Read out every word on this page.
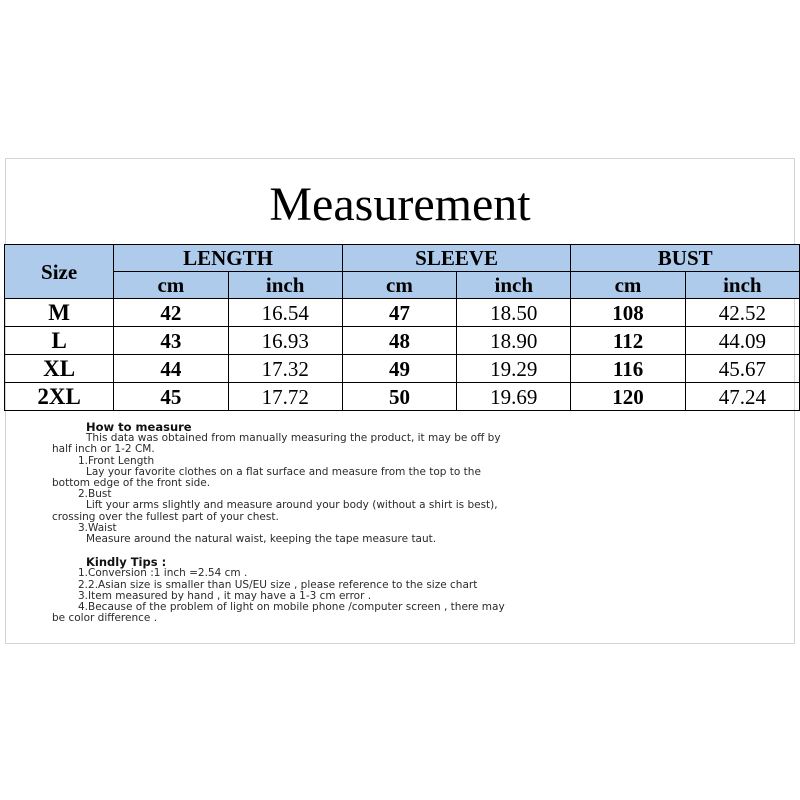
Measurement
Size	LENGTH		SLEEVE		BUST	
	cm	inch	cm	inch	cm	inch
M	42	16.54	47	18.50	108	42.52
L	43	16.93	48	18.90	112	44.09
XL	44	17.32	49	19.29	116	45.67
2XL	45	17.72	50	19.69	120	47.24
How to measure
This data was obtained from manually measuring the product, it may be off by
half inch or 1-2 CM.
1.Front Length
Lay your favorite clothes on a flat surface and measure from the top to the
bottom edge of the front side.
2.Bust
Lift your arms slightly and measure around your body (without a shirt is best),
crossing over the fullest part of your chest.
3.Waist
Measure around the natural waist, keeping the tape measure taut.
Kindly Tips :
1.Conversion :1 inch =2.54 cm .
2.2.Asian size is smaller than US/EU size , please reference to the size chart
3.Item measured by hand , it may have a 1-3 cm error .
4.Because of the problem of light on mobile phone /computer screen , there may
be color difference .
